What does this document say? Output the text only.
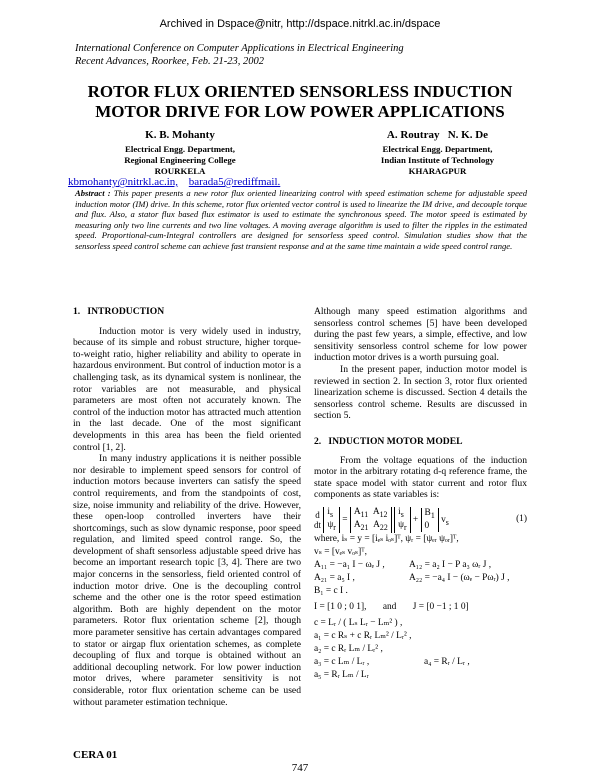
Archived in Dspace@nitr, http://dspace.nitrkl.ac.in/dspace
International Conference on Computer Applications in Electrical Engineering
Recent Advances, Roorkee, Feb. 21-23, 2002
ROTOR FLUX ORIENTED SENSORLESS INDUCTION
MOTOR DRIVE FOR LOW POWER APPLICATIONS
K. B. Mohanty
Electrical Engg. Department,
Regional Engineering College
ROURKELA
A. Routray   N. K. De
Electrical Engg. Department,
Indian Institute of Technology
KHARAGPUR
kbmohanty@nitrkl.ac.in, barada5@rediffmail.
Abstract : This paper presents a new rotor flux oriented linearizing control with speed estimation scheme for adjustable speed induction motor (IM) drive. In this scheme, rotor flux oriented vector control is used to linearize the IM drive, and decouple torque and flux. Also, a stator flux based flux estimator is used to estimate the synchronous speed. The motor speed is estimated by measuring only two line currents and two line voltages. A moving average algorithm is used to filter the ripples in the estimated speed. Proportional-cum-Integral controllers are designed for sensorless speed control. Simulation studies show that the sensorless speed control scheme can achieve fast transient response and at the same time maintain a wide speed control range.
1.   INTRODUCTION

Induction motor is very widely used in industry, because of its simple and robust structure, higher torque-to-weight ratio, higher reliability and ability to operate in hazardous environment. But control of induction motor is a challenging task, as its dynamical system is nonlinear, the rotor variables are not measurable, and physical parameters are most often not accurately known. The control of the induction motor has attracted much attention in the last decade. One of the most significant developments in this area has been the field oriented control [1, 2].

In many industry applications it is neither possible nor desirable to implement speed sensors for control of induction motors because inverters can satisfy the speed control requirements, and from the standpoints of cost, size, noise immunity and reliability of the drive. However, these open-loop controlled inverters have their shortcomings, such as slow dynamic response, poor speed regulation, and limited speed control range. So, the development of shaft sensorless adjustable speed drive has become an important research topic [3, 4]. There are two major concerns in the sensorless, field oriented control of induction motor drive. One is the decoupling control scheme and the other one is the rotor speed estimation algorithm. Both are highly dependent on the motor parameters. Rotor flux orientation scheme [2], though more parameter sensitive has certain advantages compared to stator or airgap flux orientation schemes, as complete decoupling of flux and torque is obtained without an additional decoupling network. For low power induction motor drives, where parameter sensitivity is not considerable, rotor flux orientation scheme can be used without parameter estimation technique.

Although many speed estimation algorithms and sensorless control schemes [5] have been developed during the past few years, a simple, effective, and low sensitivity sensorless control scheme for low power induction motor drives is a worth pursuing goal.

In the present paper, induction motor model is reviewed in section 2. In section 3, rotor flux oriented linearization scheme is discussed. Section 4 details the sensorless control scheme. Results are discussed in section 5.

2.   INDUCTION MOTOR MODEL

From the voltage equations of the induction motor in the arbitrary rotating d-q reference frame, the state space model with stator current and rotor flux components as state variables is:

d
dt $i_s$
$\psi_r = A_{11}$  $A_{12}$
$A_{21}$  $A_{22}$ $i_s$
$\psi_r + B_1$
0 $v_s$	(1)
where, iₛ = y = [iₑₛ iₒₛ]ᵀ, ψᵣ = [ψₑᵣ ψₒᵣ]ᵀ,
vₛ = [vₑₛ vₒₛ]ᵀ,
A₁₁ = −a₁ I − ωₑ J ,	A₁₂ = a₂ I − P a₃ ωᵣ J ,
A₂₁ = a₅ I ,	A₂₂ = −a₄ I − (ωₑ − Pωᵣ) J ,
B₁ = c I .
I = [1 0 ; 0 1],       and       J = [0 −1 ; 1 0]
c = Lᵣ / ( Lₛ Lᵣ − Lₘ² ) ,
a₁ = c Rₛ + c Rᵣ Lₘ² / Lᵣ² ,
a₂ = c Rᵣ Lₘ / Lᵣ² ,
a₃ = c Lₘ / Lᵣ ,	a₄ = Rᵣ / Lᵣ ,
a₅ = Rᵣ Lₘ / Lᵣ
CERA 01
747
